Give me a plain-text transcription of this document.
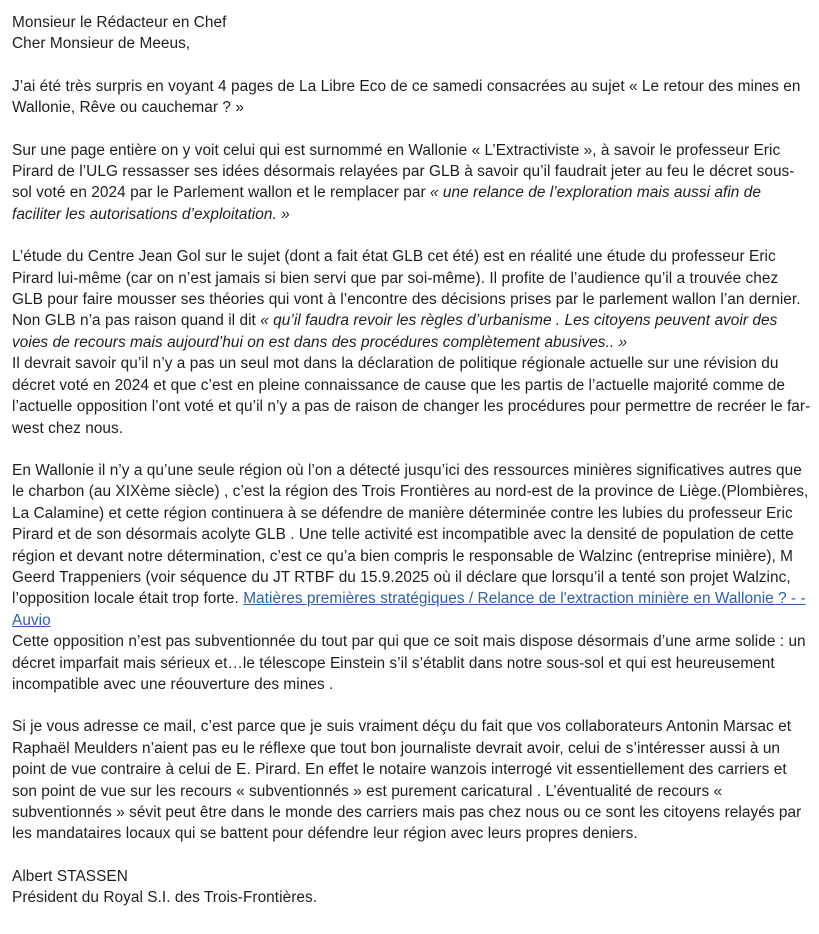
Monsieur le Rédacteur en Chef

Cher Monsieur de Meeus,

J’ai été très surpris en voyant 4 pages de La Libre Eco de ce samedi consacrées au sujet « Le retour des mines en Wallonie, Rêve ou cauchemar ? »

Sur une page entière on y voit celui qui est surnommé en Wallonie « L’Extractiviste », à savoir le professeur Eric Pirard de l’ULG ressasser ses idées désormais relayées par GLB à savoir qu’il faudrait jeter au feu le décret sous-sol voté en 2024 par le Parlement wallon et le remplacer par « une relance de l’exploration mais aussi afin de faciliter les autorisations d’exploitation. »

L’étude du Centre Jean Gol sur le sujet (dont a fait état GLB cet été) est en réalité une étude du professeur Eric Pirard lui-même (car on n’est jamais si bien servi que par soi-même). Il profite de l’audience qu’il a trouvée chez GLB pour faire mousser ses théories qui vont à l’encontre des décisions prises par le parlement wallon l’an dernier.

Non GLB n’a pas raison quand il dit « qu’il faudra revoir les règles d’urbanisme . Les citoyens peuvent avoir des voies de recours mais aujourd’hui on est dans des procédures complètement abusives.. »

Il devrait savoir qu’il n’y a pas un seul mot dans la déclaration de politique régionale actuelle sur une révision du décret voté en 2024 et que c’est en pleine connaissance de cause que les partis de l’actuelle majorité comme de l’actuelle opposition l’ont voté et qu’il n’y a pas de raison de changer les procédures pour permettre de recréer le far-west chez nous.

En Wallonie il n’y a qu’une seule région où l’on a détecté jusqu’ici des ressources minières significatives autres que le charbon (au XIXème siècle) , c’est la région des Trois Frontières au nord-est de la province de Liège.(Plombières, La Calamine) et cette région continuera à se défendre de manière déterminée contre les lubies du professeur Eric Pirard et de son désormais acolyte GLB . Une telle activité est incompatible avec la densité de population de cette région et devant notre détermination, c’est ce qu’a bien compris le responsable de Walzinc (entreprise minière), M Geerd Trappeniers (voir séquence du JT RTBF du 15.9.2025 où il déclare que lorsqu’il a tenté son projet Walzinc, l’opposition locale était trop forte. Matières premières stratégiques / Relance de l'extraction minière en Wallonie ? - - Auvio

Cette opposition n’est pas subventionnée du tout par qui que ce soit mais dispose désormais d’une arme solide : un décret imparfait mais sérieux et…le télescope Einstein s’il s’établit dans notre sous-sol et qui est heureusement incompatible avec une réouverture des mines .

Si je vous adresse ce mail, c’est parce que je suis vraiment déçu du fait que vos collaborateurs Antonin Marsac et Raphaël Meulders n’aient pas eu le réflexe que tout bon journaliste devrait avoir, celui de s’intéresser aussi à un point de vue contraire à celui de E. Pirard. En effet le notaire wanzois interrogé vit essentiellement des carriers et son point de vue sur les recours « subventionnés » est purement caricatural . L’éventualité de recours « subventionnés » sévit peut être dans le monde des carriers mais pas chez nous ou ce sont les citoyens relayés par les mandataires locaux qui se battent pour défendre leur région avec leurs propres deniers.

Albert STASSEN

Président du Royal S.I. des Trois-Frontières.
